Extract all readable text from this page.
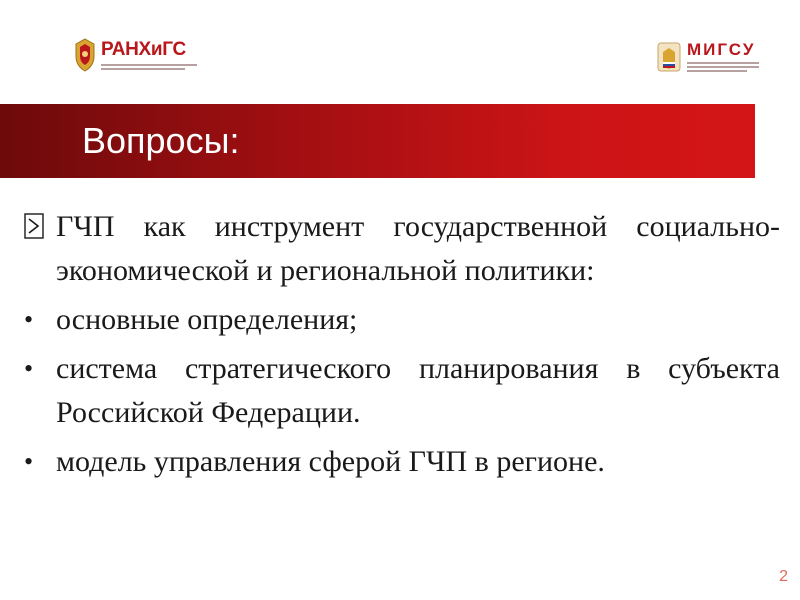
РАНХиГС	МИГСУ
Вопросы:
ГЧП как инструмент государственной социально-экономической и региональной политики:
• основные определения;
• система стратегического планирования в субъекта Российской Федерации.
• модель управления сферой ГЧП в регионе.
2
